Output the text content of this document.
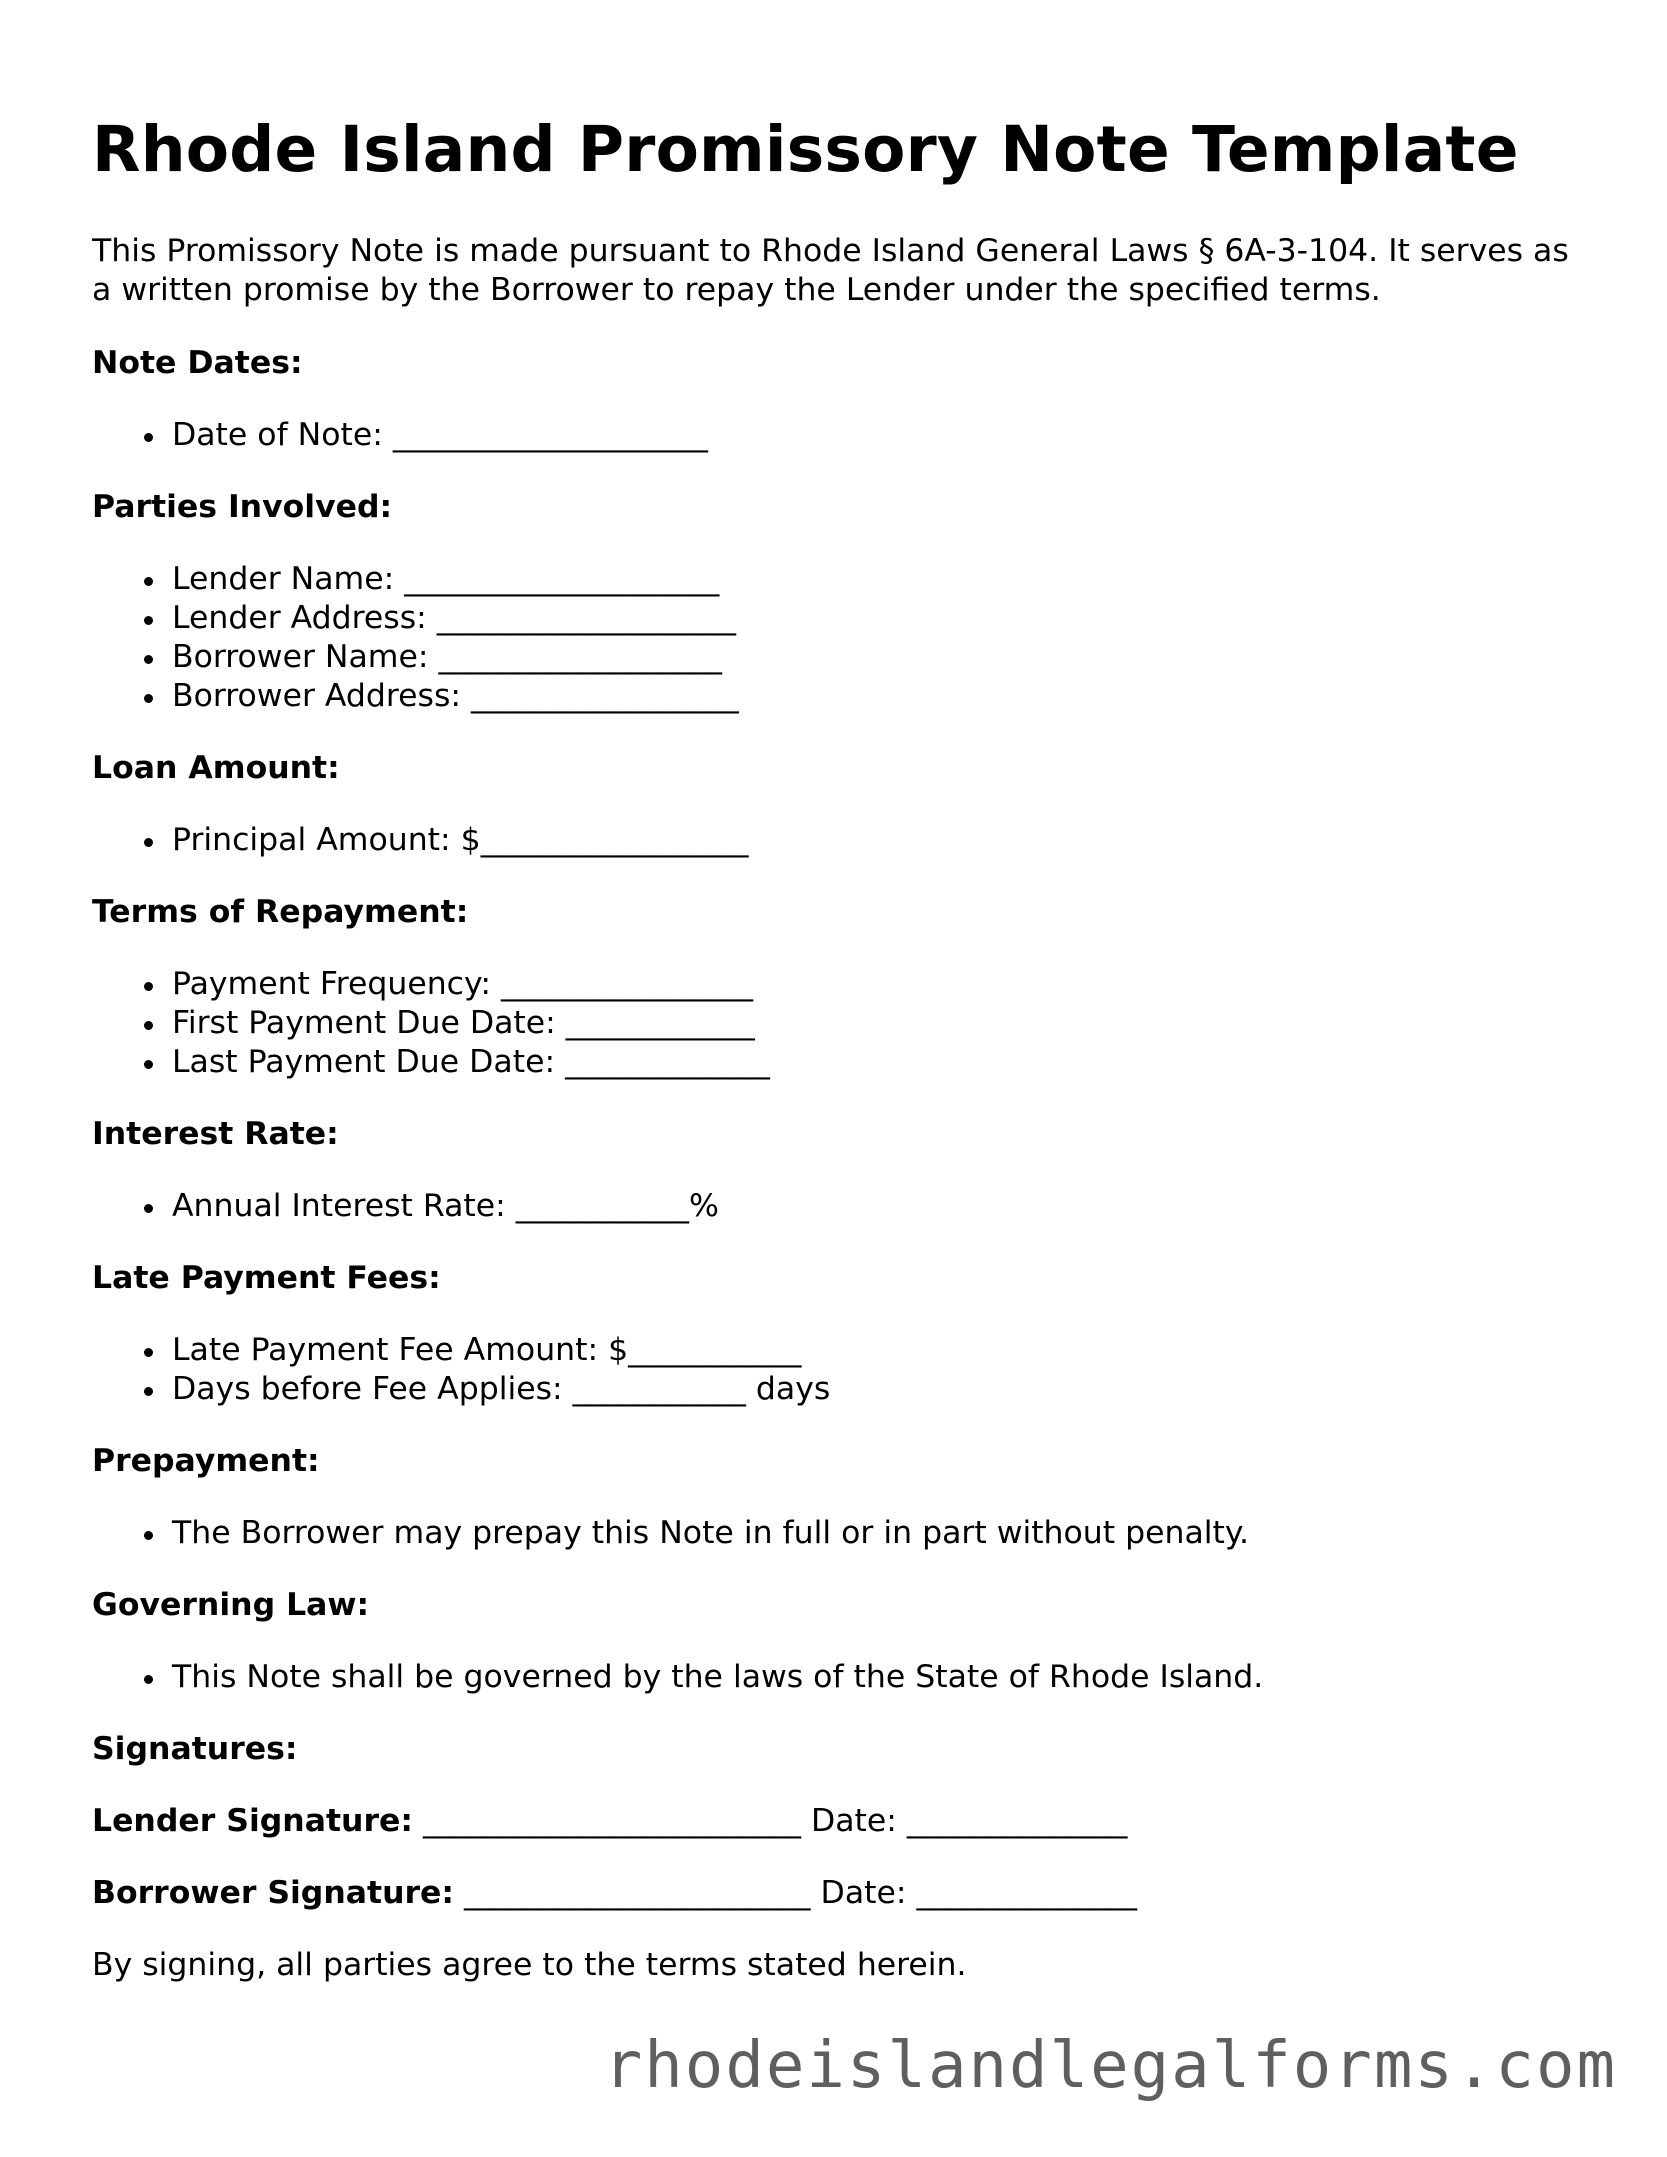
Rhode Island Promissory Note Template

This Promissory Note is made pursuant to Rhode Island General Laws § 6A-3-104. It serves as a written promise by the Borrower to repay the Lender under the specified terms.

Note Dates:
Date of Note: ____________________
Parties Involved:
Lender Name: ____________________
Lender Address: ___________________
Borrower Name: __________________
Borrower Address: _________________
Loan Amount:
Principal Amount: $_________________
Terms of Repayment:
Payment Frequency: ________________
First Payment Due Date: ____________
Last Payment Due Date: _____________
Interest Rate:
Annual Interest Rate: ___________%
Late Payment Fees:
Late Payment Fee Amount: $___________
Days before Fee Applies: ___________ days
Prepayment:
The Borrower may prepay this Note in full or in part without penalty.
Governing Law:
This Note shall be governed by the laws of the State of Rhode Island.
Signatures:
Lender Signature: ________________________ Date: ______________
Borrower Signature: ______________________ Date: ______________

By signing, all parties agree to the terms stated herein.

rhodeislandlegalforms.com
